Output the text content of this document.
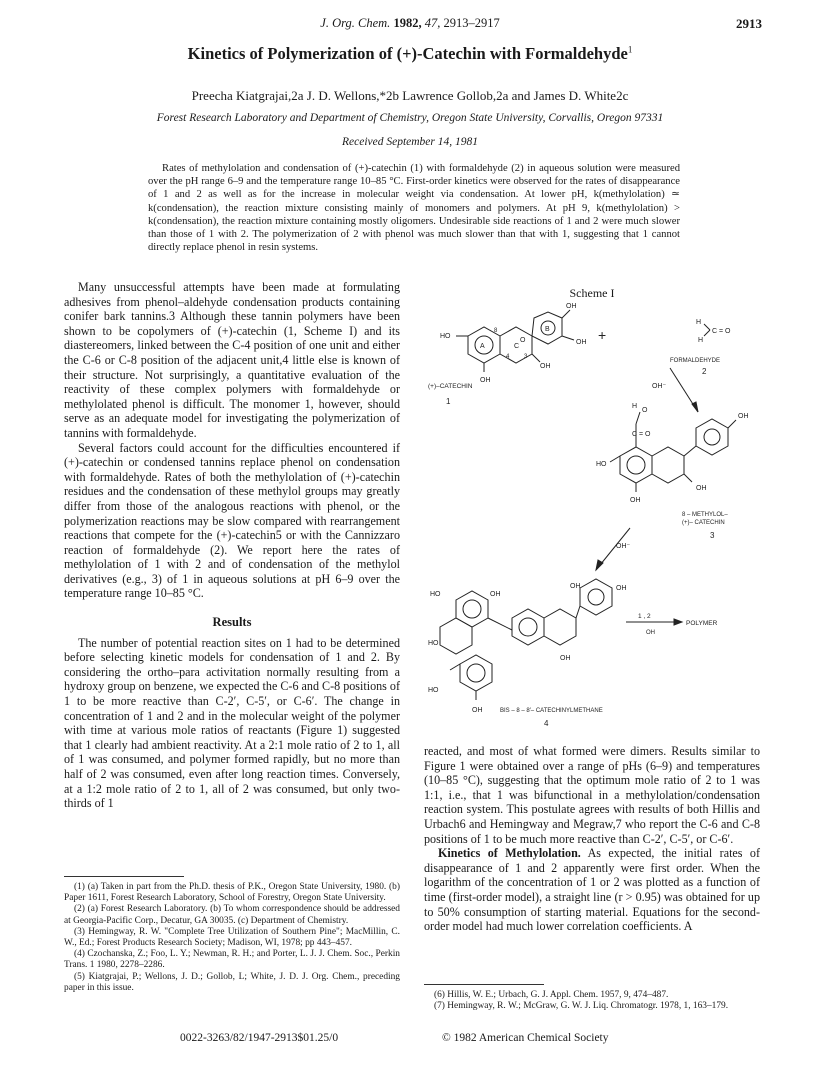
J. Org. Chem. 1982, 47, 2913–2917	2913
Kinetics of Polymerization of (+)-Catechin with Formaldehyde$^1$
Preecha Kiatgrajai,2a J. D. Wellons,*2b Lawrence Gollob,2a and James D. White2c
Forest Research Laboratory and Department of Chemistry, Oregon State University, Corvallis, Oregon 97331
Received September 14, 1981
Rates of methylolation and condensation of (+)-catechin (1) with formaldehyde (2) in aqueous solution were measured over the pH range 6–9 and the temperature range 10–85 °C. First-order kinetics were observed for the rates of disappearance of 1 and 2 as well as for the increase in molecular weight via condensation. At lower pH, k(methylolation) ≃ k(condensation), the reaction mixture consisting mainly of monomers and polymers. At pH 9, k(methylolation) > k(condensation), the reaction mixture containing mostly oligomers. Undesirable side reactions of 1 and 2 were much slower than those of 1 with 2. The polymerization of 2 with phenol was much slower than that with 1, suggesting that 1 cannot directly replace phenol in resin systems.

Many unsuccessful attempts have been made at formulating adhesives from phenol–aldehyde condensation products containing conifer bark tannins.3 Although these tannin polymers have been shown to be copolymers of (+)-catechin (1, Scheme I) and its diastereomers, linked between the C-4 position of one unit and either the C-6 or C-8 position of the adjacent unit,4 little else is known of their structure. Not surprisingly, a quantitative evaluation of the reactivity of these complex polymers with formaldehyde or methylolated phenol is difficult. The monomer 1, however, should serve as an adequate model for investigating the polymerization of tannins with formaldehyde.

Several factors could account for the difficulties encountered if (+)-catechin or condensed tannins replace phenol on condensation with formaldehyde. Rates of both the methylolation of (+)-catechin residues and the condensation of these methylol groups may greatly differ from those of the analogous reactions with phenol, or the polymerization reactions may be slow compared with rearrangement reactions that compete for the (+)-catechin5 or with the Cannizzaro reaction of formaldehyde (2). We report here the rates of methylolation of 1 with 2 and of condensation of the methylol derivatives (e.g., 3) of 1 in aqueous solutions at pH 6–9 over the temperature range 10–85 °C.

Results

The number of potential reaction sites on 1 had to be determined before selecting kinetic models for condensation of 1 and 2. By considering the ortho–para activitation normally resulting from a hydroxy group on benzene, we expected the C-6 and C-8 positions of 1 to be more reactive than C-2′, C-5′, or C-6′. The change in concentration of 1 and 2 and in the molecular weight of the polymer with time at various mole ratios of reactants (Figure 1) suggested that 1 clearly had ambient reactivity. At a 2:1 mole ratio of 2 to 1, all of 1 was consumed, and polymer formed rapidly, but no more than half of 2 was consumed, even after long reaction times. Conversely, at a 1:2 mole ratio of 2 to 1, all of 2 was consumed, but only two-thirds of 1

(1) (a) Taken in part from the Ph.D. thesis of P.K., Oregon State University, 1980. (b) Paper 1611, Forest Research Laboratory, School of Forestry, Oregon State University.

(2) (a) Forest Research Laboratory. (b) To whom correspondence should be addressed at Georgia-Pacific Corp., Decatur, GA 30035. (c) Department of Chemistry.

(3) Hemingway, R. W. "Complete Tree Utilization of Southern Pine"; MacMillin, C. W., Ed.; Forest Products Research Society; Madison, WI, 1978; pp 443–457.

(4) Czochanska, Z.; Foo, L. Y.; Newman, R. H.; and Porter, L. J. J. Chem. Soc., Perkin Trans. 1 1980, 2278–2286.

(5) Kiatgrajai, P.; Wellons, J. D.; Gollob, L; White, J. D. J. Org. Chem., preceding paper in this issue.

Scheme I
HO
OH
O
A	C
B
4 3
8
OH
OH
OH
(+)–CATECHIN
1
+
H
H
C = O
FORMALDEHYDE
2
OH⁻
H
O
C = O
HO
OH
OH
OH
8 – METHYLOL–
(+)– CATECHIN
3
OH⁻
HO	OH
HO
HO
OH
OH	OH
OH
1 , 2
POLYMER
OH
BIS – 8 – 8′– CATECHINYLMETHANE
4

reacted, and most of what formed were dimers. Results similar to Figure 1 were obtained over a range of pHs (6–9) and temperatures (10–85 °C), suggesting that the optimum mole ratio of 2 to 1 was 1:1, i.e., that 1 was bifunctional in a methylolation/condensation reaction system. This postulate agrees with results of both Hillis and Urbach6 and Hemingway and Megraw,7 who report the C-6 and C-8 positions of 1 to be much more reactive than C-2′, C-5′, or C-6′.

Kinetics of Methylolation. As expected, the initial rates of disappearance of 1 and 2 apparently were first order. When the logarithm of the concentration of 1 or 2 was plotted as a function of time (first-order model), a straight line (r > 0.95) was obtained for up to 50% consumption of starting material. Equations for the second-order model had much lower correlation coefficients. A

(6) Hillis, W. E.; Urbach, G. J. Appl. Chem. 1957, 9, 474–487.

(7) Hemingway, R. W.; McGraw, G. W. J. Liq. Chromatogr. 1978, 1, 163–179.

0022-3263/82/1947-2913$01.25/0	© 1982 American Chemical Society
